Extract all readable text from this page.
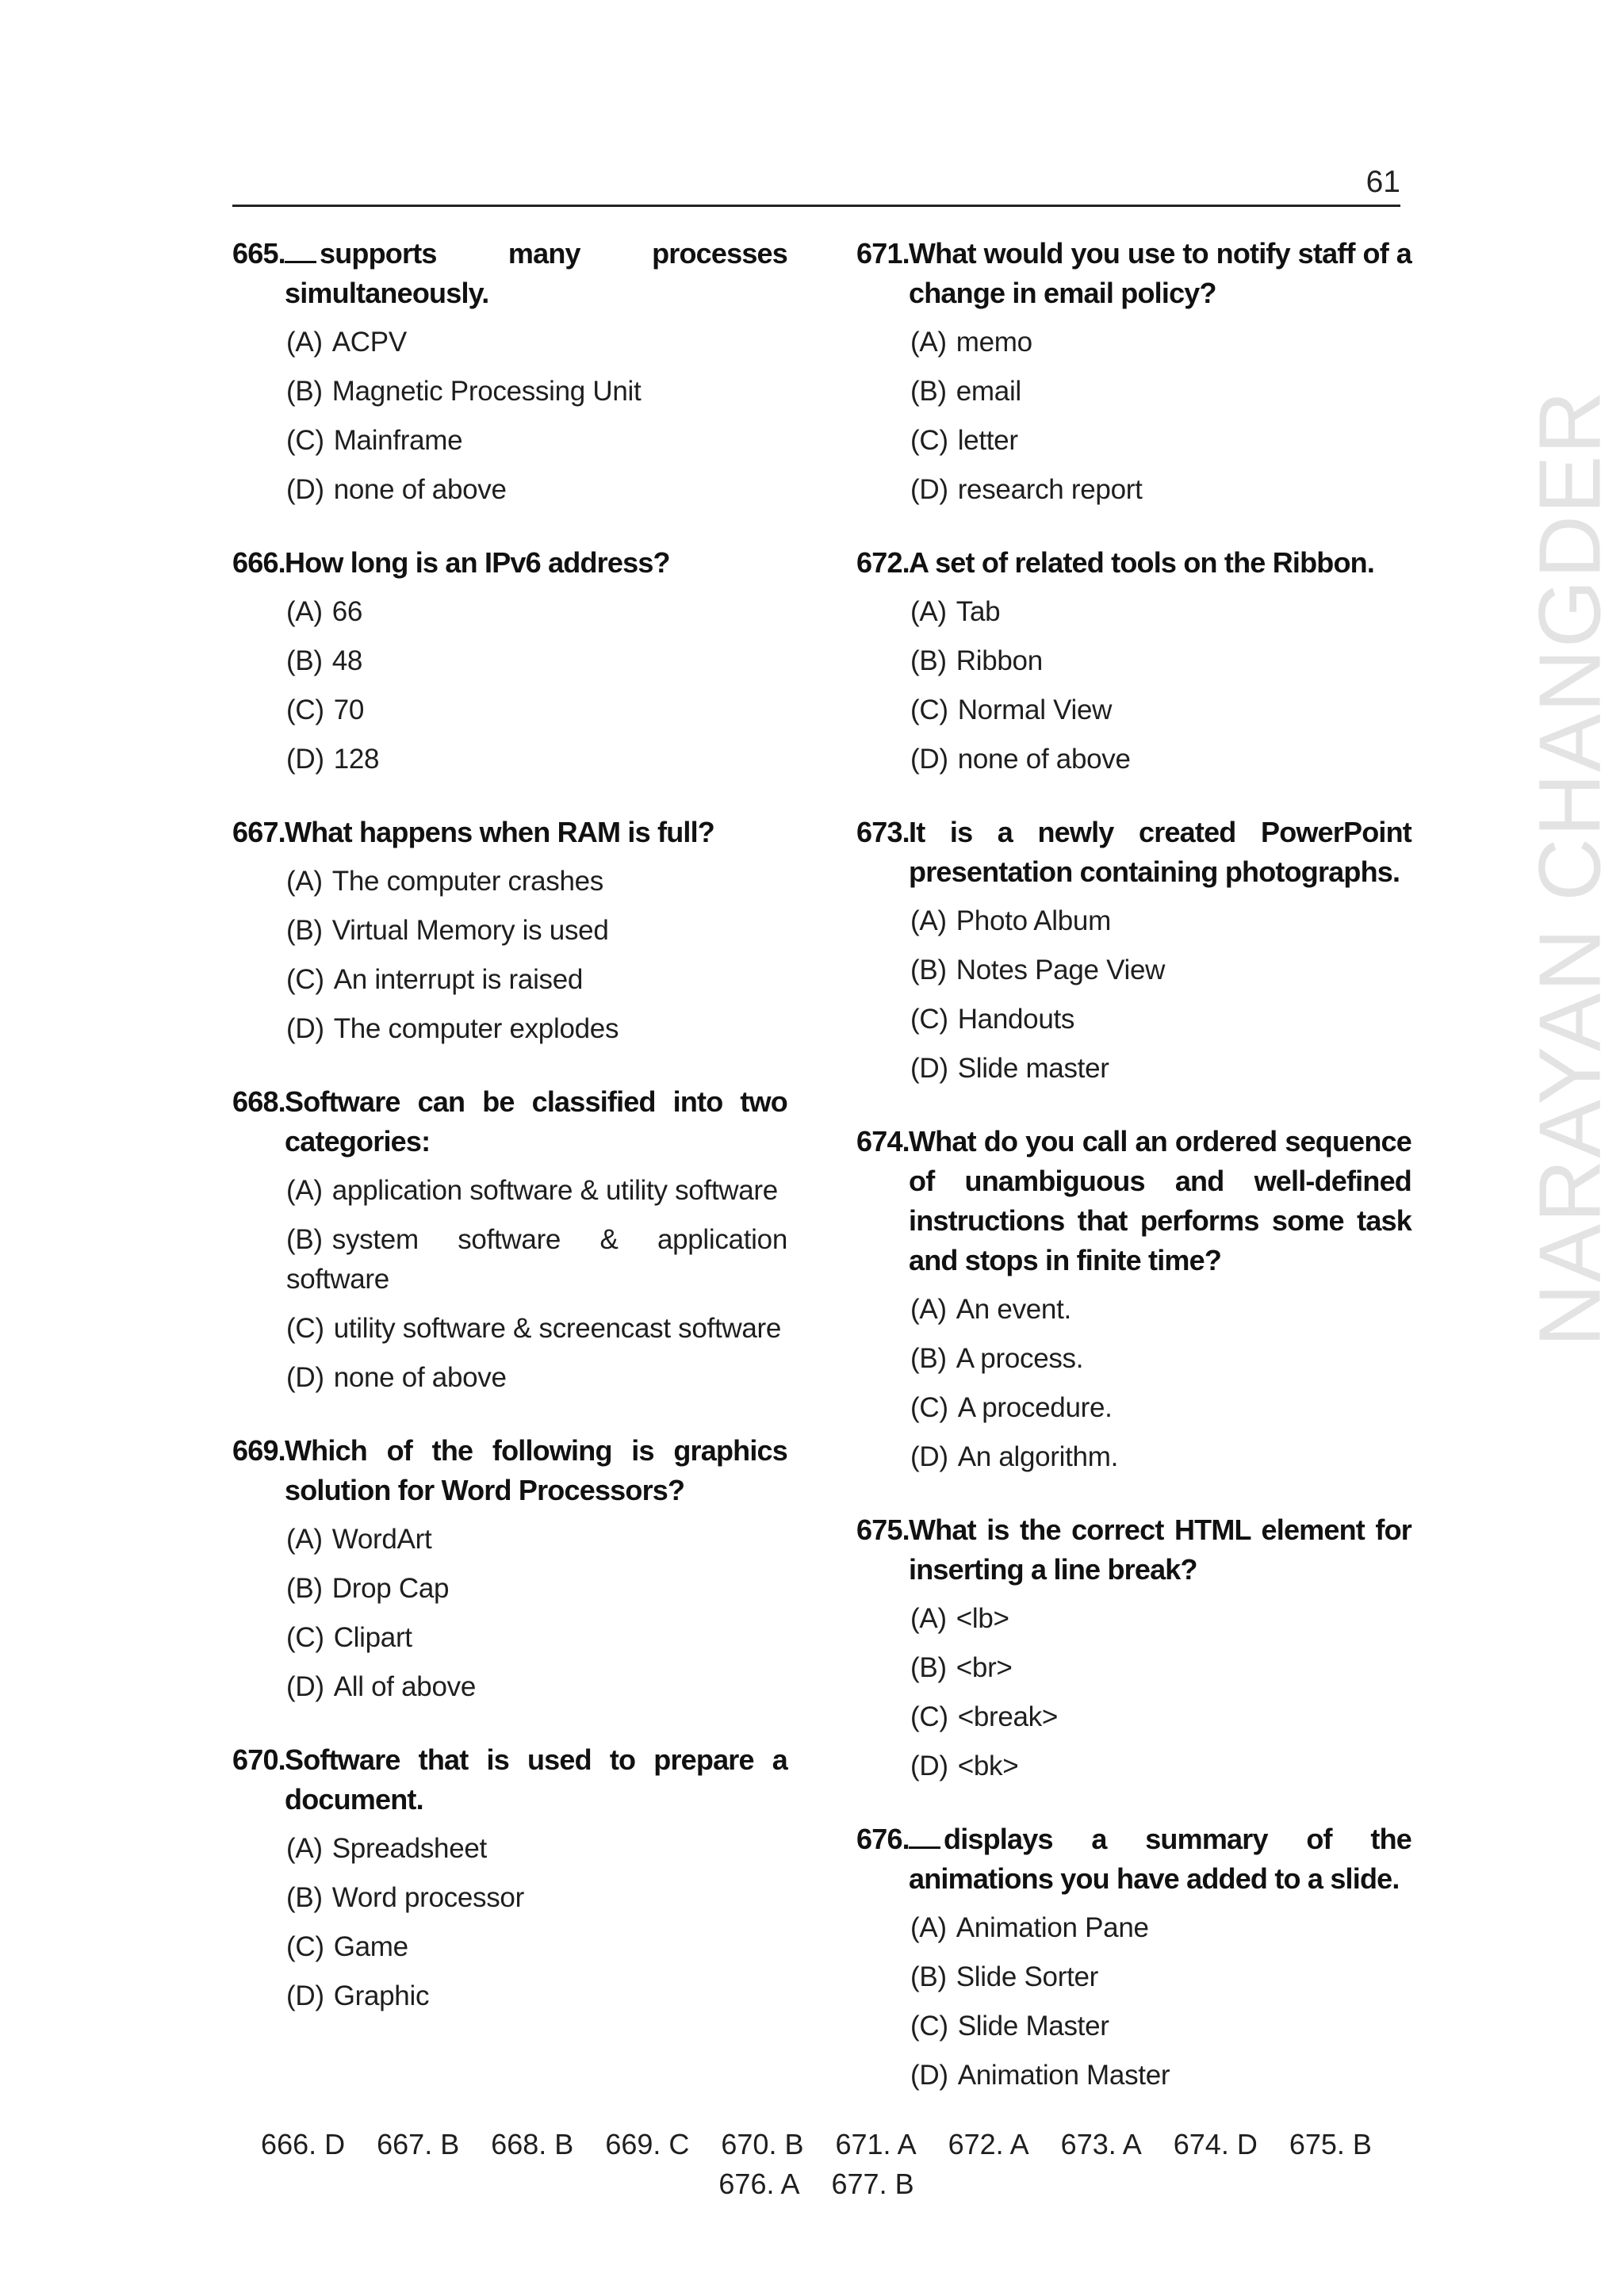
61
NARAYAN CHANGDER
665. supports many processes simultaneously.
(A) ACPV
(B) Magnetic Processing Unit
(C) Mainframe
(D) none of above
666. How long is an IPv6 address?
(A) 66
(B) 48
(C) 70
(D) 128
667. What happens when RAM is full?
(A) The computer crashes
(B) Virtual Memory is used
(C) An interrupt is raised
(D) The computer explodes
668. Software can be classified into two categories:
(A) application software & utility software
(B) system software & application software
(C) utility software & screencast software
(D) none of above
669. Which of the following is graphics solution for Word Processors?
(A) WordArt
(B) Drop Cap
(C) Clipart
(D) All of above
670. Software that is used to prepare a document.
(A) Spreadsheet
(B) Word processor
(C) Game
(D) Graphic
671. What would you use to notify staff of a change in email policy?
(A) memo
(B) email
(C) letter
(D) research report
672. A set of related tools on the Ribbon.
(A) Tab
(B) Ribbon
(C) Normal View
(D) none of above
673. It is a newly created PowerPoint presentation containing photographs.
(A) Photo Album
(B) Notes Page View
(C) Handouts
(D) Slide master
674. What do you call an ordered sequence of unambiguous and well-defined instructions that performs some task and stops in finite time?
(A) An event.
(B) A process.
(C) A procedure.
(D) An algorithm.
675. What is the correct HTML element for inserting a line break?
(A) <lb>
(B) <br>
(C) <break>
(D) <bk>
676. displays a summary of the animations you have added to a slide.
(A) Animation Pane
(B) Slide Sorter
(C) Slide Master
(D) Animation Master
666. D 667. B 668. B 669. C 670. B 671. A 672. A 673. A 674. D 675. B676. A 677. B
